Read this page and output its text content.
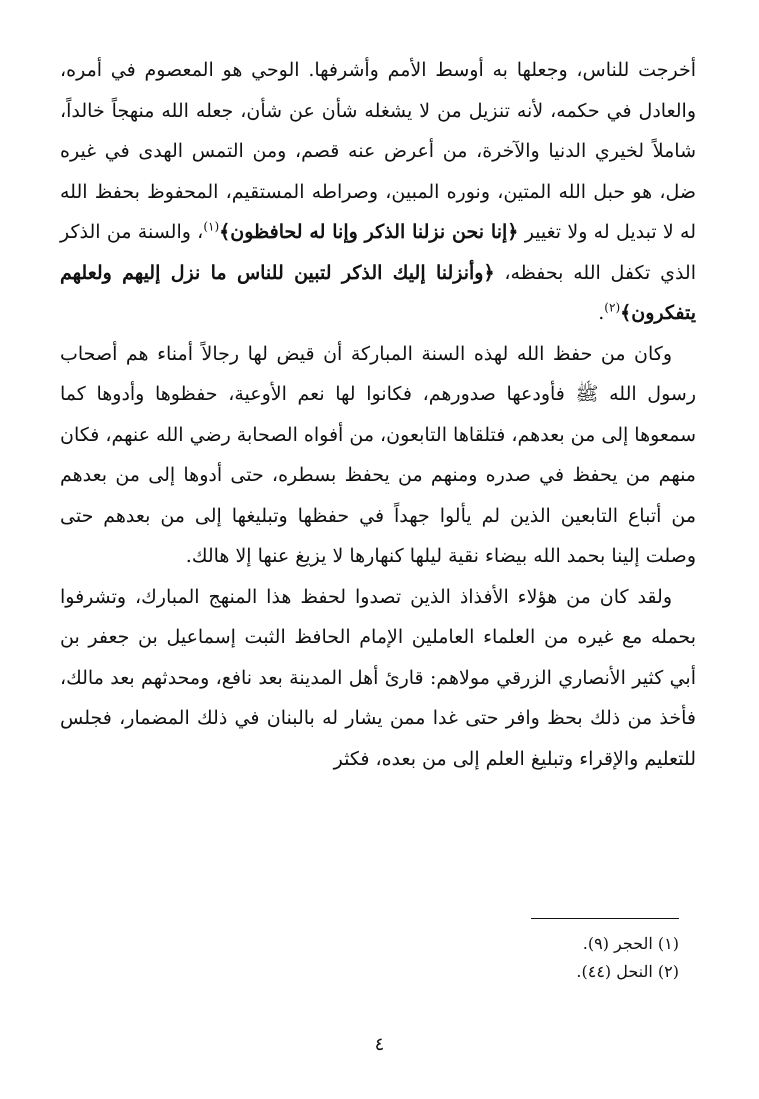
أخرجت للناس، وجعلها به أوسط الأمم وأشرفها. الوحي هو المعصوم في أمره، والعادل في حكمه، لأنه تنزيل من لا يشغله شأن عن شأن، جعله الله منهجاً خالداً، شاملاً لخيري الدنيا والآخرة، من أعرض عنه قصم، ومن التمس الهدى في غيره ضل، هو حبل الله المتين، ونوره المبين، وصراطه المستقيم، المحفوظ بحفظ الله له لا تبديل له ولا تغيير ﴿إنا نحن نزلنا الذكر وإنا له لحافظون﴾$^{(١)}$، والسنة من الذكر الذي تكفل الله بحفظه، ﴿وأنزلنا إليك الذكر لتبين للناس ما نزل إليهم ولعلهم يتفكرون﴾$^{(٢)}$.

وكان من حفظ الله لهذه السنة المباركة أن قيض لها رجالاً أمناء هم أصحاب رسول الله ﷺ فأودعها صدورهم، فكانوا لها نعم الأوعية، حفظوها وأدوها كما سمعوها إلى من بعدهم، فتلقاها التابعون، من أفواه الصحابة رضي الله عنهم، فكان منهم من يحفظ في صدره ومنهم من يحفظ بسطره، حتى أدوها إلى من بعدهم من أتباع التابعين الذين لم يألوا جهداً في حفظها وتبليغها إلى من بعدهم حتى وصلت إلينا بحمد الله بيضاء نقية ليلها كنهارها لا يزيغ عنها إلا هالك.

ولقد كان من هؤلاء الأفذاذ الذين تصدوا لحفظ هذا المنهج المبارك، وتشرفوا بحمله مع غيره من العلماء العاملين الإمام الحافظ الثبت إسماعيل بن جعفر بن أبي كثير الأنصاري الزرقي مولاهم: قارئ أهل المدينة بعد نافع، ومحدثهم بعد مالك، فأخذ من ذلك بحظ وافر حتى غدا ممن يشار له بالبنان في ذلك المضمار، فجلس للتعليم والإقراء وتبليغ العلم إلى من بعده، فكثر

(١) الحجر (٩).

(٢) النحل (٤٤).

٤
